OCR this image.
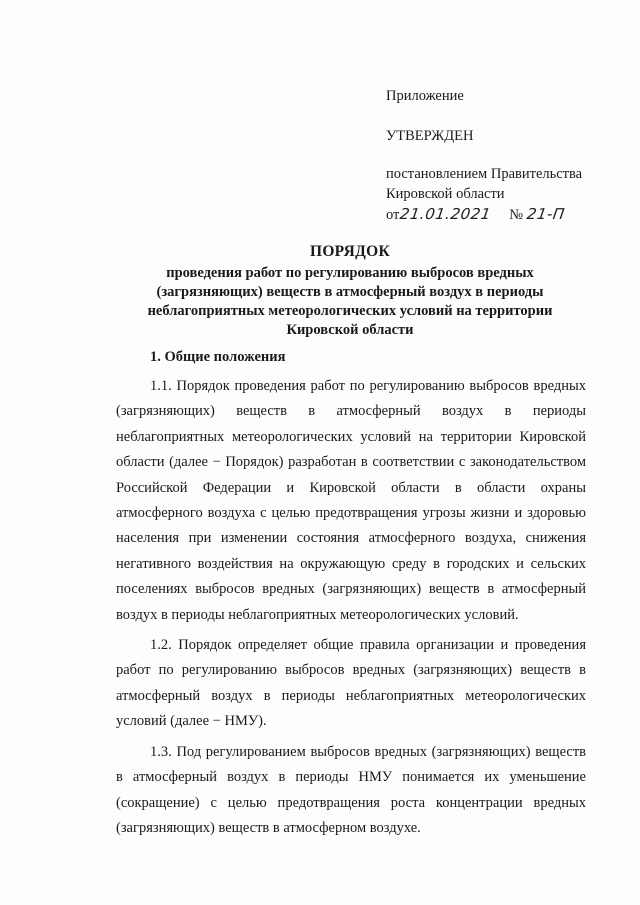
Приложение
УТВЕРЖДЕН
постановлением Правительства
Кировской области
от 21.01.2021 № 21-П
ПОРЯДОК
проведения работ по регулированию выбросов вредных
(загрязняющих) веществ в атмосферный воздух в периоды
неблагоприятных метеорологических условий на территории
Кировской области
1. Общие положения

1.1. Порядок проведения работ по регулированию выбросов вредных (загрязняющих) веществ в атмосферный воздух в периоды неблагоприятных метеорологических условий на территории Кировской области (далее − Порядок) разработан в соответствии с законодательством Российской Федерации и Кировской области в области охраны атмосферного воздуха с целью предотвращения угрозы жизни и здоровью населения при изменении состояния атмосферного воздуха, снижения негативного воздействия на окружающую среду в городских и сельских поселениях выбросов вредных (загрязняющих) веществ в атмосферный воздух в периоды неблагоприятных метеорологических условий.

1.2. Порядок определяет общие правила организации и проведения работ по регулированию выбросов вредных (загрязняющих) веществ в атмосферный воздух в периоды неблагоприятных метеорологических условий (далее − НМУ).

1.3. Под регулированием выбросов вредных (загрязняющих) веществ в атмосферный воздух в периоды НМУ понимается их уменьшение (сокращение) с целью предотвращения роста концентрации вредных (загрязняющих) веществ в атмосферном воздухе.
